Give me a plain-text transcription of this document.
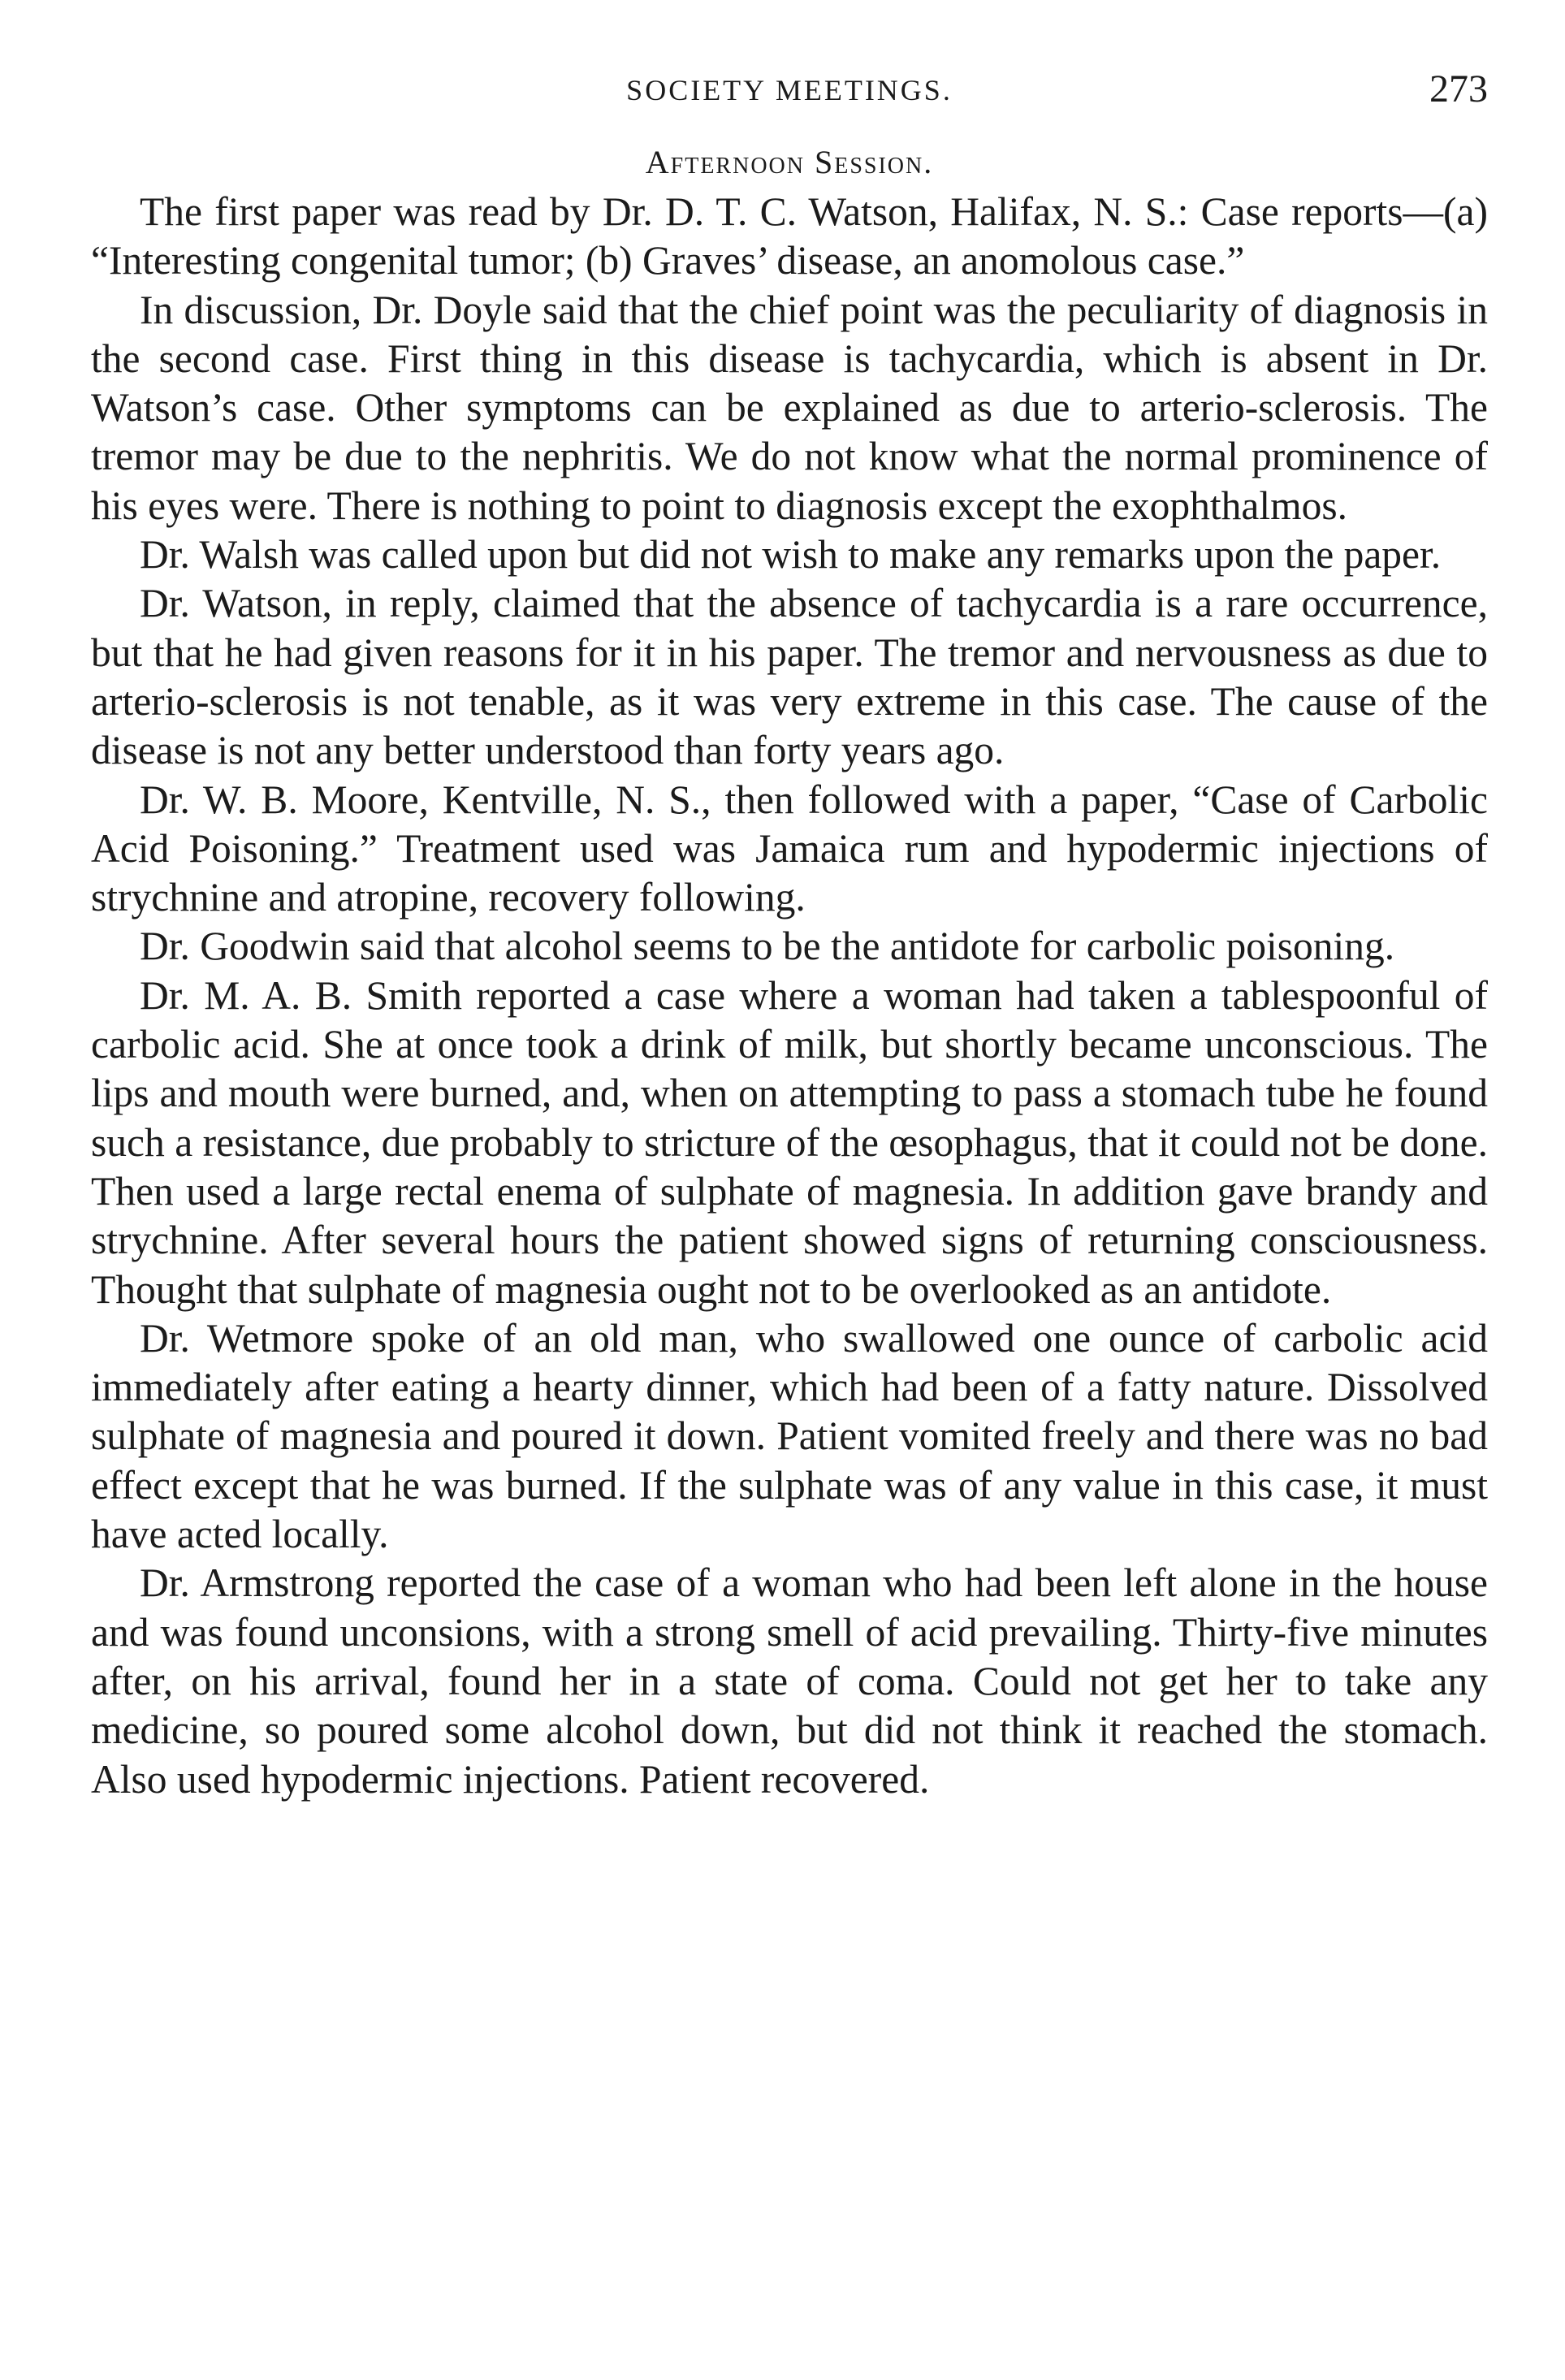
SOCIETY MEETINGS.	273
Afternoon Session.

The first paper was read by Dr. D. T. C. Watson, Halifax, N. S.: Case reports—(a) “Interesting congenital tumor; (b) Graves’ disease, an anomolous case.”

In discussion, Dr. Doyle said that the chief point was the peculiarity of diagnosis in the second case. First thing in this disease is tachycardia, which is absent in Dr. Watson’s case. Other symptoms can be explained as due to arterio-sclerosis. The tremor may be due to the nephritis. We do not know what the normal prominence of his eyes were. There is nothing to point to diagnosis except the exophthalmos.

Dr. Walsh was called upon but did not wish to make any remarks upon the paper.

Dr. Watson, in reply, claimed that the absence of tachycardia is a rare occurrence, but that he had given reasons for it in his paper. The tremor and nervousness as due to arterio-sclerosis is not tenable, as it was very extreme in this case. The cause of the disease is not any better understood than forty years ago.

Dr. W. B. Moore, Kentville, N. S., then followed with a paper, “Case of Carbolic Acid Poisoning.” Treatment used was Jamaica rum and hypodermic injections of strychnine and atropine, recovery following.

Dr. Goodwin said that alcohol seems to be the antidote for carbolic poisoning.

Dr. M. A. B. Smith reported a case where a woman had taken a tablespoonful of carbolic acid. She at once took a drink of milk, but shortly became unconscious. The lips and mouth were burned, and, when on attempting to pass a stomach tube he found such a resistance, due probably to stricture of the œsophagus, that it could not be done. Then used a large rectal enema of sulphate of magnesia. In addition gave brandy and strychnine. After several hours the patient showed signs of returning consciousness. Thought that sulphate of magnesia ought not to be overlooked as an antidote.

Dr. Wetmore spoke of an old man, who swallowed one ounce of carbolic acid immediately after eating a hearty dinner, which had been of a fatty nature. Dissolved sulphate of magnesia and poured it down. Patient vomited freely and there was no bad effect except that he was burned. If the sulphate was of any value in this case, it must have acted locally.

Dr. Armstrong reported the case of a woman who had been left alone in the house and was found unconsions, with a strong smell of acid prevailing. Thirty-five minutes after, on his arrival, found her in a state of coma. Could not get her to take any medicine, so poured some alcohol down, but did not think it reached the stomach. Also used hypodermic injections. Patient recovered.
